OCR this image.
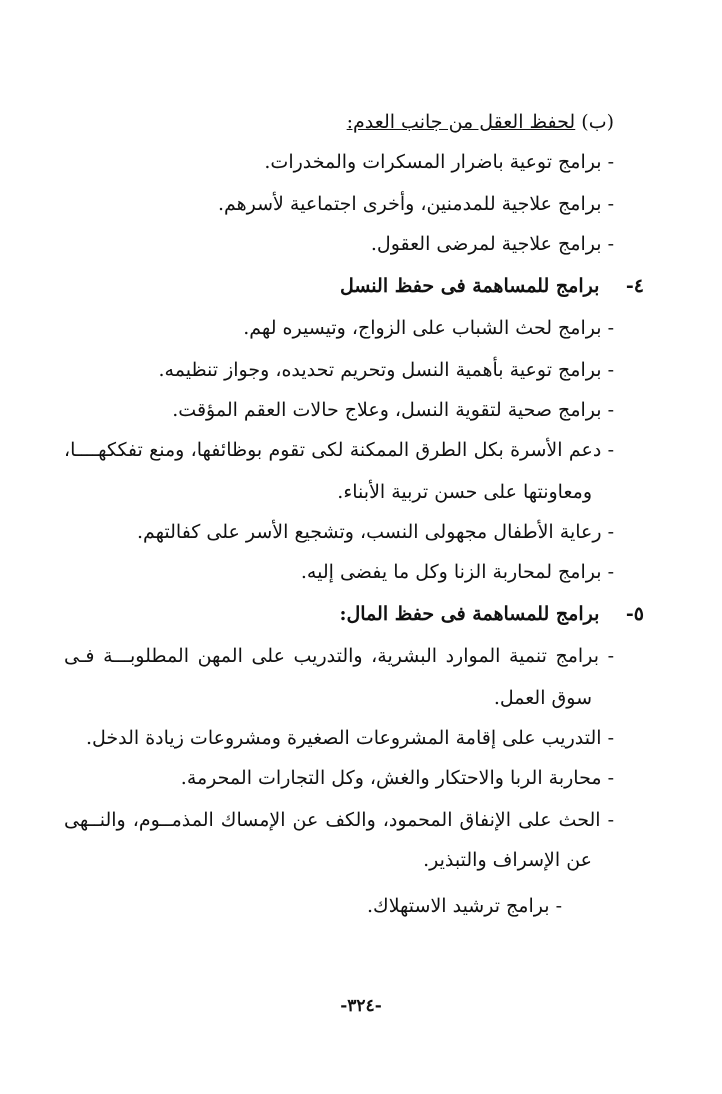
(ب) لحفظ العقل من جانب العدم:
- برامج توعية باضرار المسكرات والمخدرات.
- برامج علاجية للمدمنين، وأخرى اجتماعية لأسرهم.
- برامج علاجية لمرضى العقول.
٤- برامج للمساهمة فى حفظ النسل
- برامج لحث الشباب على الزواج، وتيسيره لهم.
- برامج توعية بأهمية النسل وتحريم تحديده، وجواز تنظيمه.
- برامج صحية لتقوية النسل، وعلاج حالات العقم المؤقت.
- دعم الأسرة بكل الطرق الممكنة لكى تقوم بوظائفها، ومنع تفككهــــا،
ومعاونتها على حسن تربية الأبناء.
- رعاية الأطفال مجهولى النسب، وتشجيع الأسر على كفالتهم.
- برامج لمحاربة الزنا وكل ما يفضى إليه.
٥- برامج للمساهمة فى حفظ المال:
- برامج تنمية الموارد البشرية، والتدريب على المهن المطلوبـــة فـى
سوق العمل.
- التدريب على إقامة المشروعات الصغيرة ومشروعات زيادة الدخل.
- محاربة الربا والاحتكار والغش، وكل التجارات المحرمة.
- الحث على الإنفاق المحمود، والكف عن الإمساك المذمــوم، والنــهى
عن الإسراف والتبذير.
- برامج ترشيد الاستهلاك.
-٣٢٤-
